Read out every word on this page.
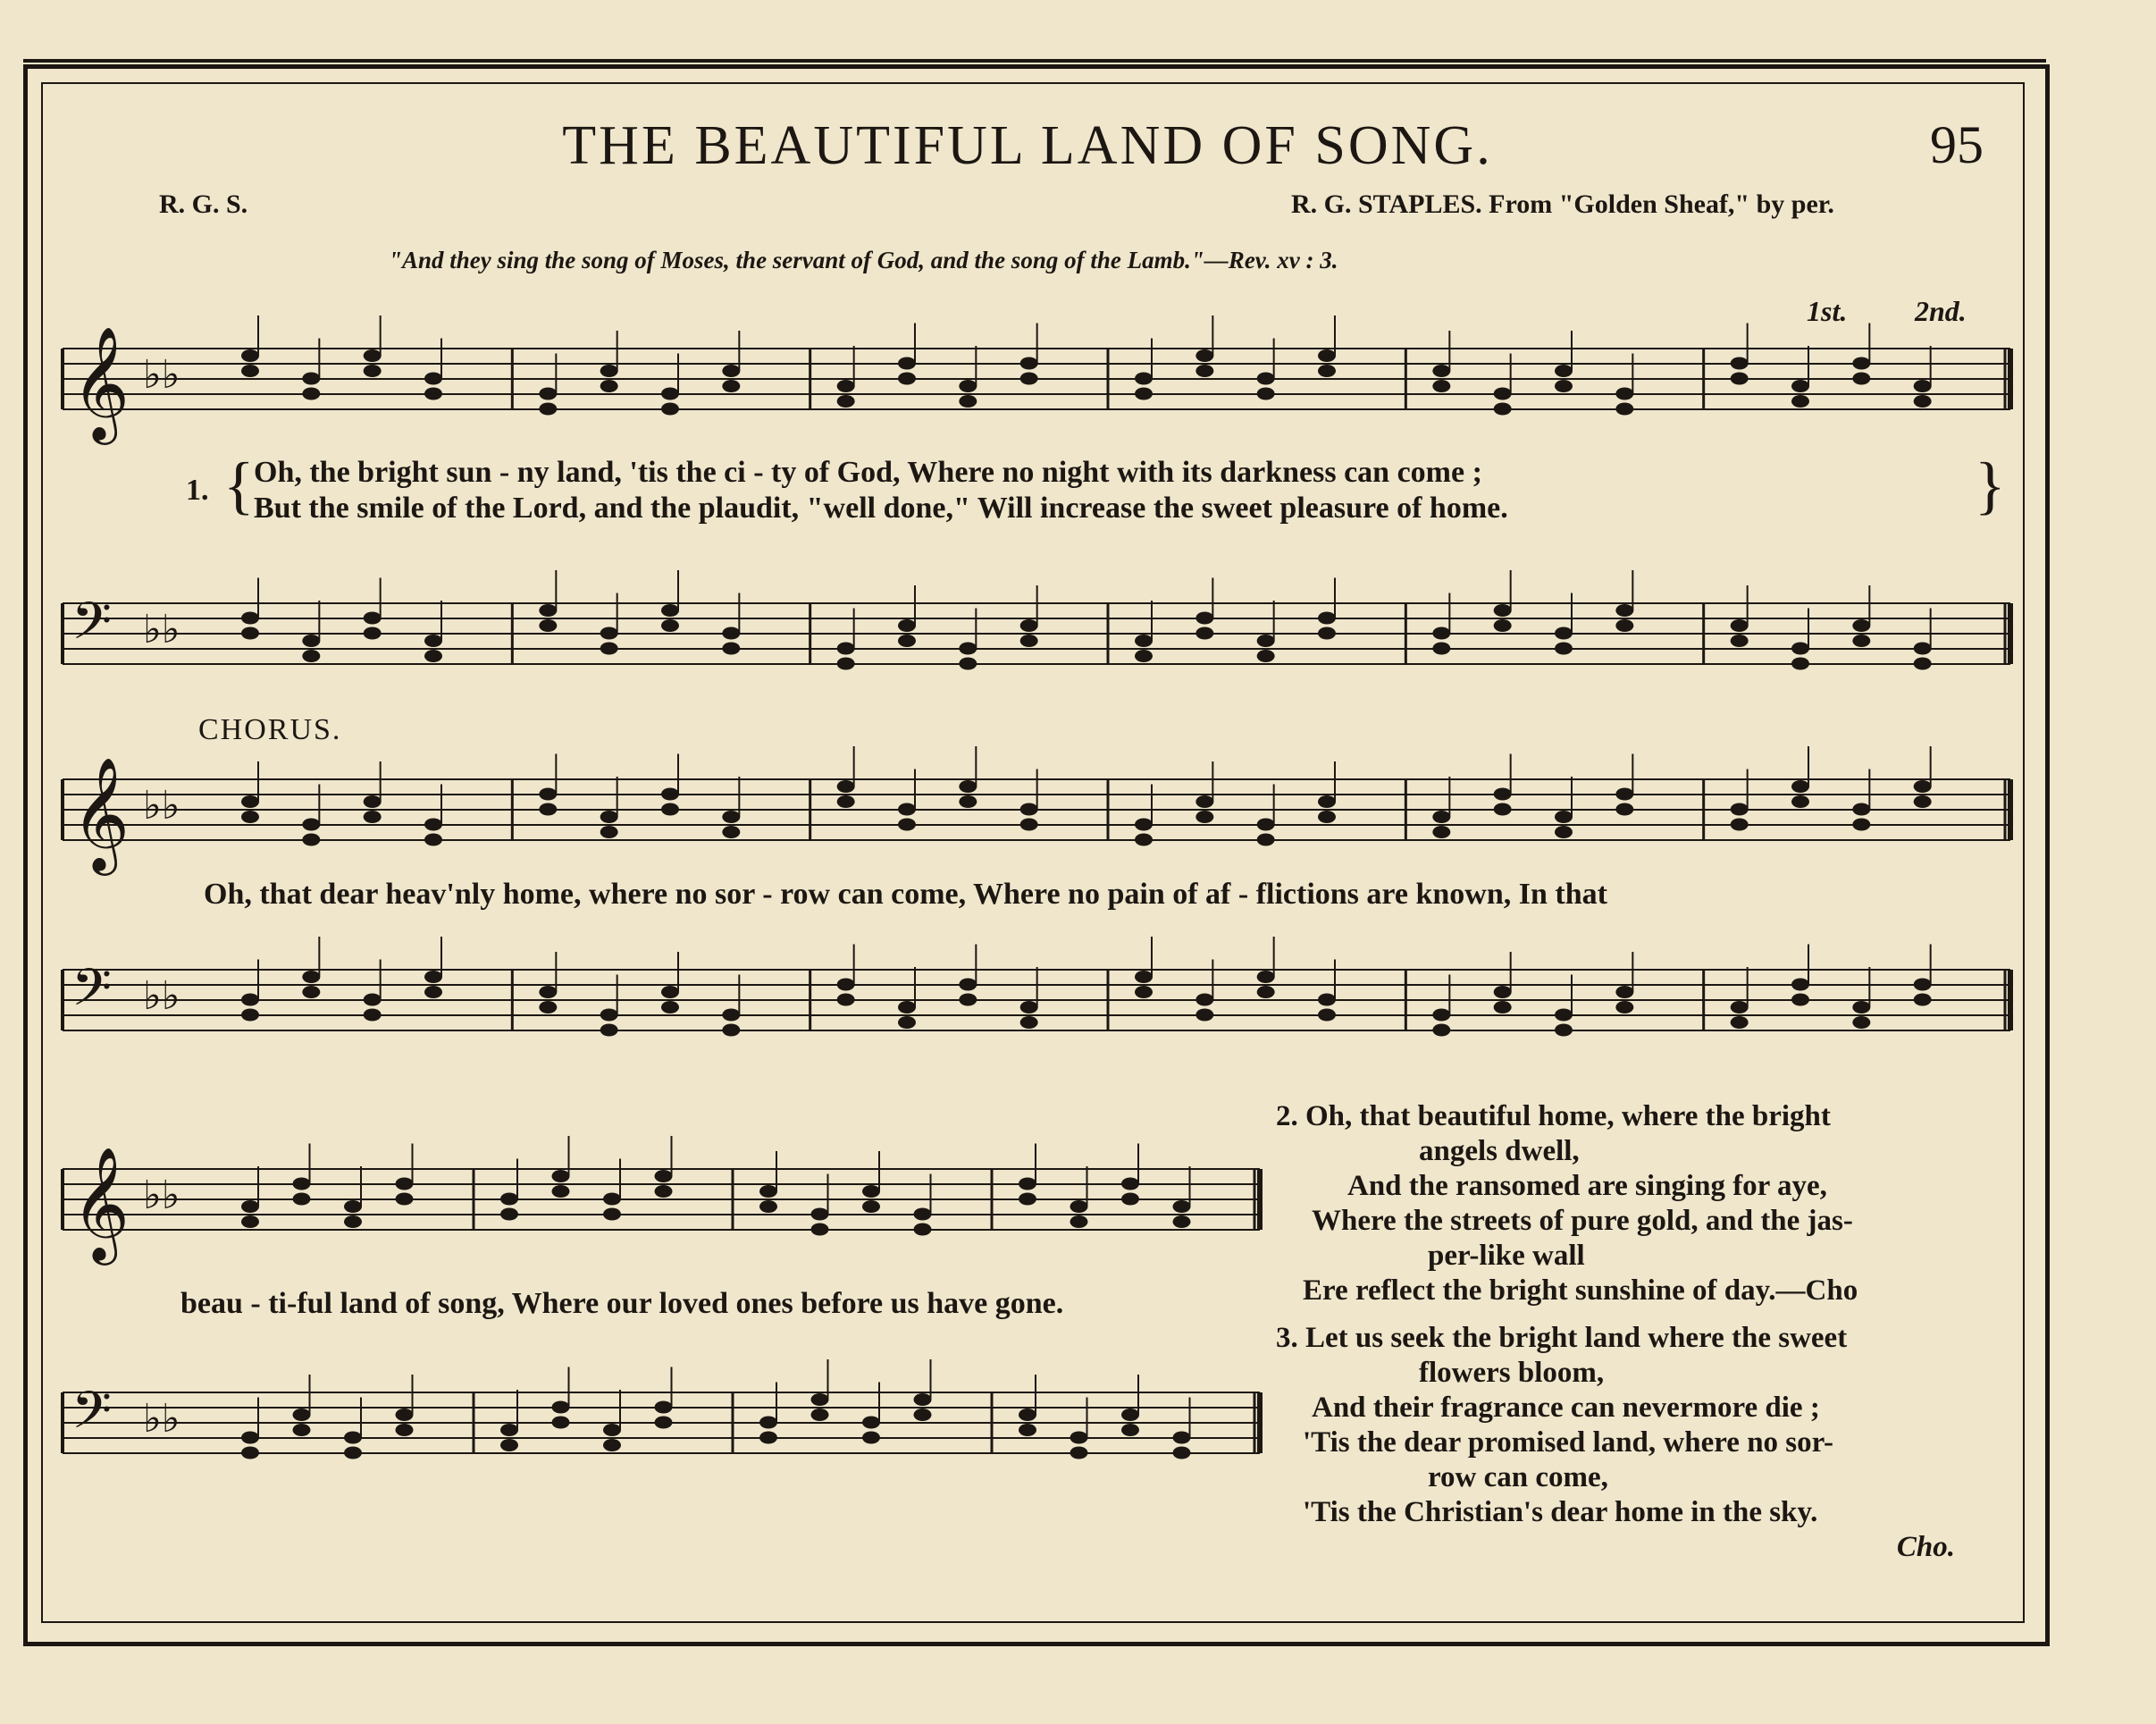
THE BEAUTIFUL LAND OF SONG.	95
R. G. S.	R. G. STAPLES. From "Golden Sheaf," by per.
"And they sing the song of Moses, the servant of God, and the song of the Lamb."—Rev. xv : 3.
𝄞 ♭♭
𝄢 ♭♭
1st. 2nd.
1. {	}
Oh, the bright sun - ny land, 'tis the ci - ty of God, Where no night with its darkness can come ;
But the smile of the Lord, and the plaudit, "well done," Will increase the sweet pleasure of home.
CHORUS.
𝄞 ♭♭
Oh, that dear heav'nly home, where no sor - row can come, Where no pain of af - flictions are known, In that
𝄢 ♭♭
𝄞 ♭♭
beau - ti-ful land of song, Where our loved ones before us have gone.
𝄢 ♭♭
2. Oh, that beautiful home, where the bright
angels dwell,
And the ransomed are singing for aye,
Where the streets of pure gold, and the jas-
per-like wall
Ere reflect the bright sunshine of day.—Cho
3. Let us seek the bright land where the sweet
flowers bloom,
And their fragrance can nevermore die ;
'Tis the dear promised land, where no sor-
row can come,
'Tis the Christian's dear home in the sky.
Cho.
